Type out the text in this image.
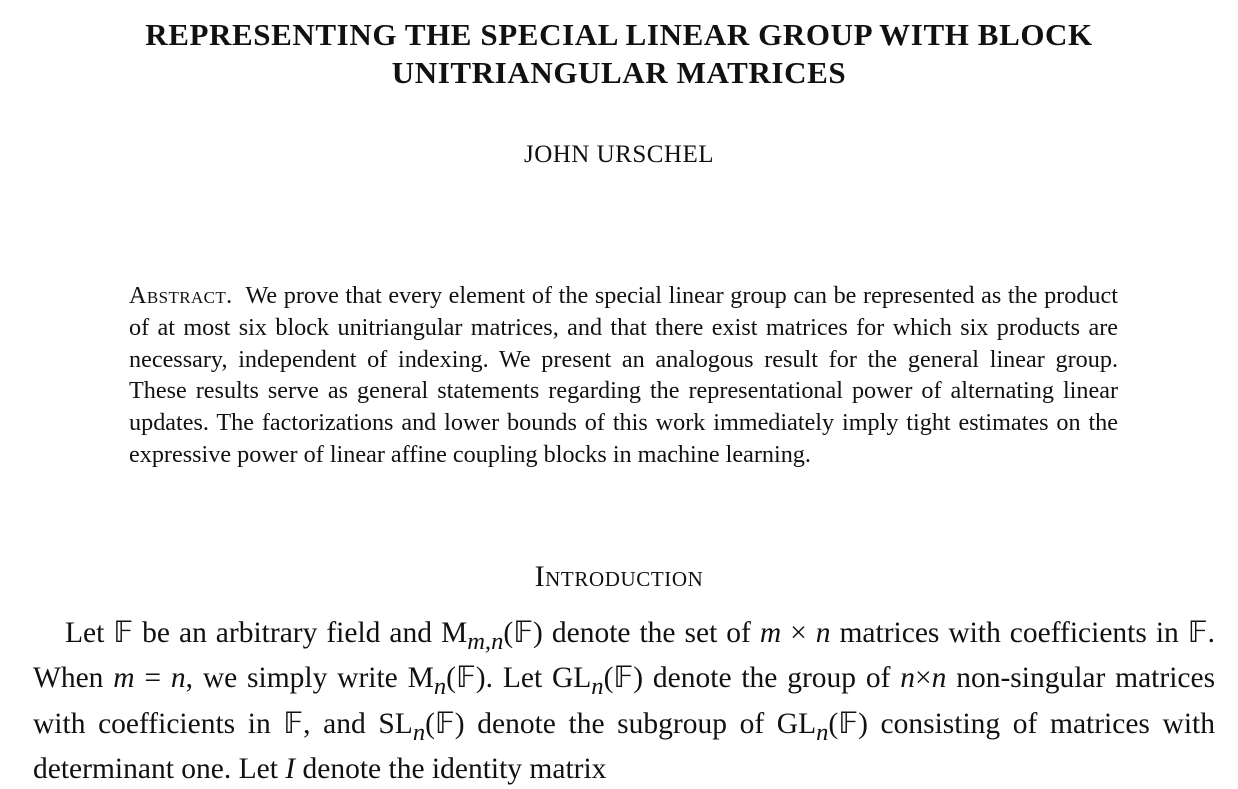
REPRESENTING THE SPECIAL LINEAR GROUP WITH BLOCK UNITRIANGULAR MATRICES
JOHN URSCHEL

Abstract. We prove that every element of the special linear group can be represented as the product of at most six block unitriangular matrices, and that there exist matrices for which six products are necessary, independent of indexing. We present an analogous result for the general linear group. These results serve as general statements regarding the representational power of alternating linear updates. The factorizations and lower bounds of this work immediately imply tight estimates on the expressive power of linear affine coupling blocks in machine learning.

Introduction

Let 𝔽 be an arbitrary field and $M_{m,n}(𝔽)$ denote the set of m × n matrices with coefficients in 𝔽. When m = n, we simply write $M_n(𝔽)$. Let $GL_n(𝔽)$ denote the group of n×n non-singular matrices with coefficients in 𝔽, and $SL_n(𝔽)$ denote the subgroup of $GL_n(𝔽)$ consisting of matrices with determinant one. Let I denote the identity matrix
